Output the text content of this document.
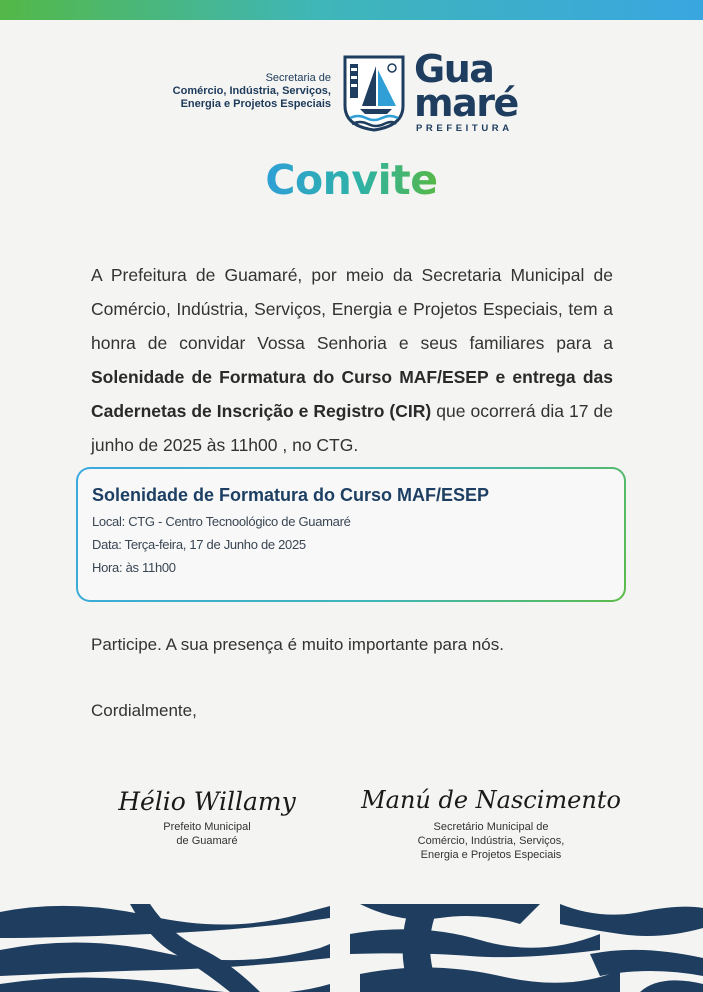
Secretaria de
Comércio, Indústria, Serviços,
Energia e Projetos Especiais
Gua
maré
PREFEITURA
Convite
A Prefeitura de Guamaré, por meio da Secretaria Municipal de Comércio, Indústria, Serviços, Energia e Projetos Especiais, tem a honra de convidar Vossa Senhoria e seus familiares para a Solenidade de Formatura do Curso MAF/ESEP e entrega das Cadernetas de Inscrição e Registro (CIR) que ocorrerá dia 17 de junho de 2025 às 11h00 , no CTG.
Solenidade de Formatura do Curso MAF/ESEP
Local: CTG - Centro Tecnoológico de Guamaré
Data: Terça-feira, 17 de Junho de 2025
Hora: às 11h00
Participe. A sua presença é muito importante para nós.
Cordialmente,
Hélio Willamy
Prefeito Municipal
de Guamaré
Manú de Nascimento
Secretário Municipal de
Comércio, Indústria, Serviços,
Energia e Projetos Especiais
